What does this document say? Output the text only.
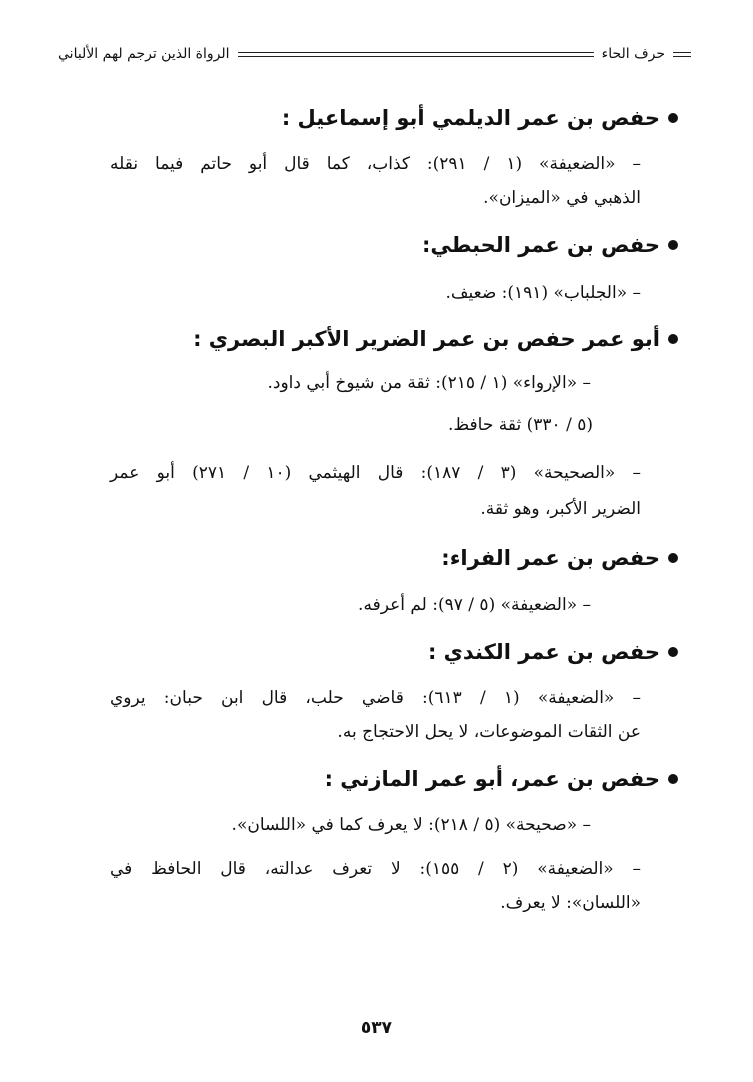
حرف الحاء
الرواة الذين ترجم لهم الألباني
حفص بن عمر الديلمي أبو إسماعيل :
– «الضعيفة» (١ / ٢٩١): كذاب، كما قال أبو حاتم فيما نقله
الذهبي في «الميزان».
حفص بن عمر الحبطي:
– «الجلباب» (١٩١): ضعيف.
أبو عمر حفص بن عمر الضرير الأكبر البصري :
– «الإرواء» (١ / ٢١٥): ثقة من شيوخ أبي داود.
(٥ / ٣٣٠) ثقة حافظ.
– «الصحيحة» (٣ / ١٨٧): قال الهيثمي (١٠ / ٢٧١) أبو عمر
الضرير الأكبر، وهو ثقة.
حفص بن عمر الفراء:
– «الضعيفة» (٥ / ٩٧): لم أعرفه.
حفص بن عمر الكندي :
– «الضعيفة» (١ / ٦١٣): قاضي حلب، قال ابن حبان: يروي
عن الثقات الموضوعات، لا يحل الاحتجاج به.
حفص بن عمر، أبو عمر المازني :
– «صحيحة» (٥ / ٢١٨): لا يعرف كما في «اللسان».
– «الضعيفة» (٢ / ١٥٥): لا تعرف عدالته، قال الحافظ في
«اللسان»: لا يعرف.
٥٣٧
